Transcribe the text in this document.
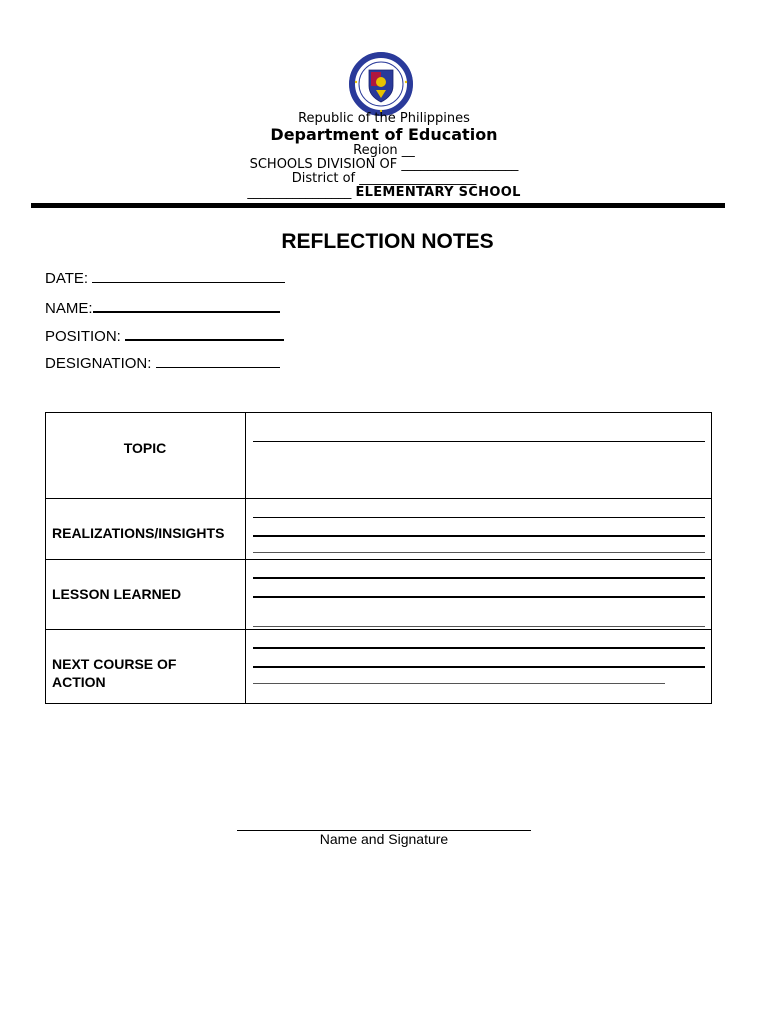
Republic of the Philippines
Department of Education
Region __
SCHOOLS DIVISION OF __________________
District of __________________
________________ ELEMENTARY SCHOOL
REFLECTION NOTES
DATE:
NAME:
POSITION:
DESIGNATION:
TOPIC
REALIZATIONS/INSIGHTS
LESSON LEARNED
NEXT COURSE OF ACTION
Name and Signature
